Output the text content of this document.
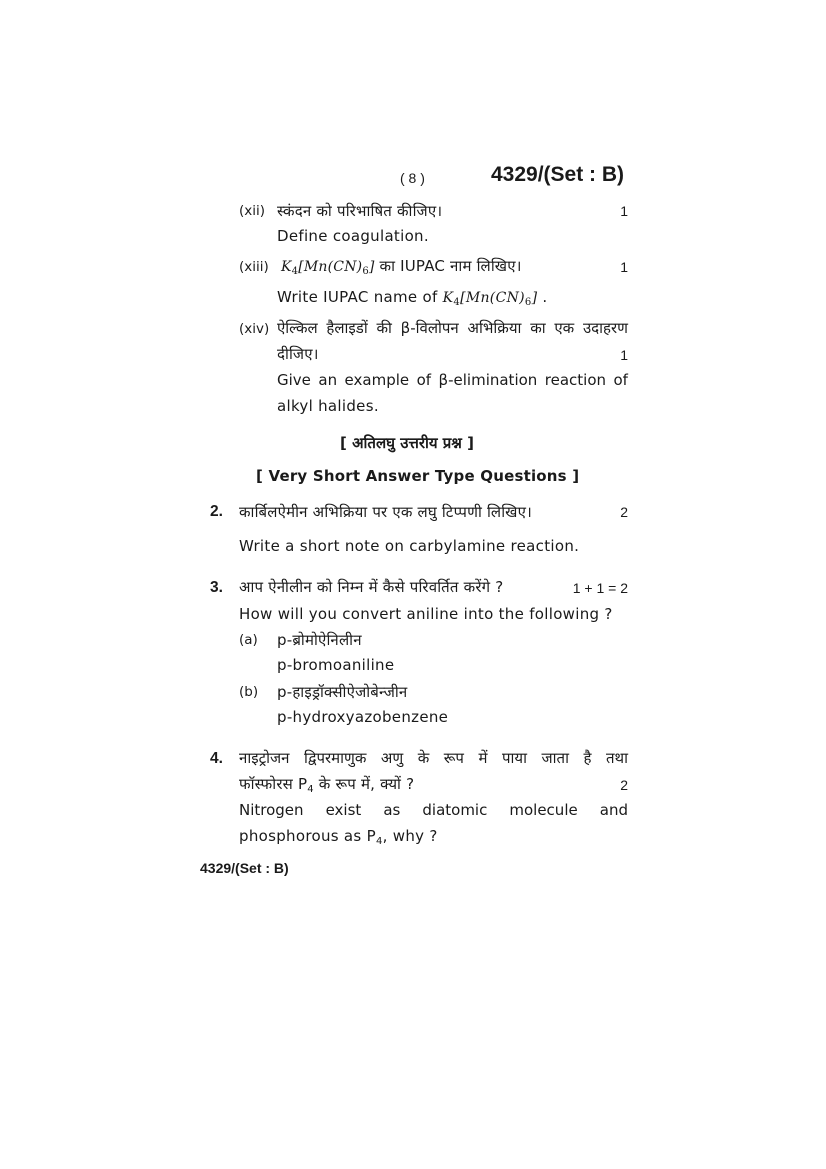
( 8 )	4329/(Set : B)
(xii) स्कंदन को परिभाषित कीजिए।	1
Define coagulation.
(xiii) $K_4[Mn(CN)_6]$ का IUPAC नाम लिखिए।	1
Write IUPAC name of $K_4[Mn(CN)_6]$ .
(xiv) ऐल्किल हैलाइडों की β-विलोपन अभिक्रिया का एक उदाहरण
दीजिए।	1
Give an example of β-elimination reaction of
alkyl halides.
[ अतिलघु उत्तरीय प्रश्न ]
[ Very Short Answer Type Questions ]
2. कार्बिलऐमीन अभिक्रिया पर एक लघु टिप्पणी लिखिए।	2
Write a short note on carbylamine reaction.
3. आप ऐनीलीन को निम्न में कैसे परिवर्तित करेंगे ?	1 + 1 = 2
How will you convert aniline into the following ?
(a) p-ब्रोमोऐनिलीन
p-bromoaniline
(b) p-हाइड्रॉक्सीऐजोबेन्जीन
p-hydroxyazobenzene
4. नाइट्रोजन द्विपरमाणुक अणु के रूप में पाया जाता है तथा
फॉस्फोरस $P_4$ के रूप में, क्यों ?	2
Nitrogen exist as diatomic molecule and
phosphorous as $P_4$, why ?
4329/(Set : B)
